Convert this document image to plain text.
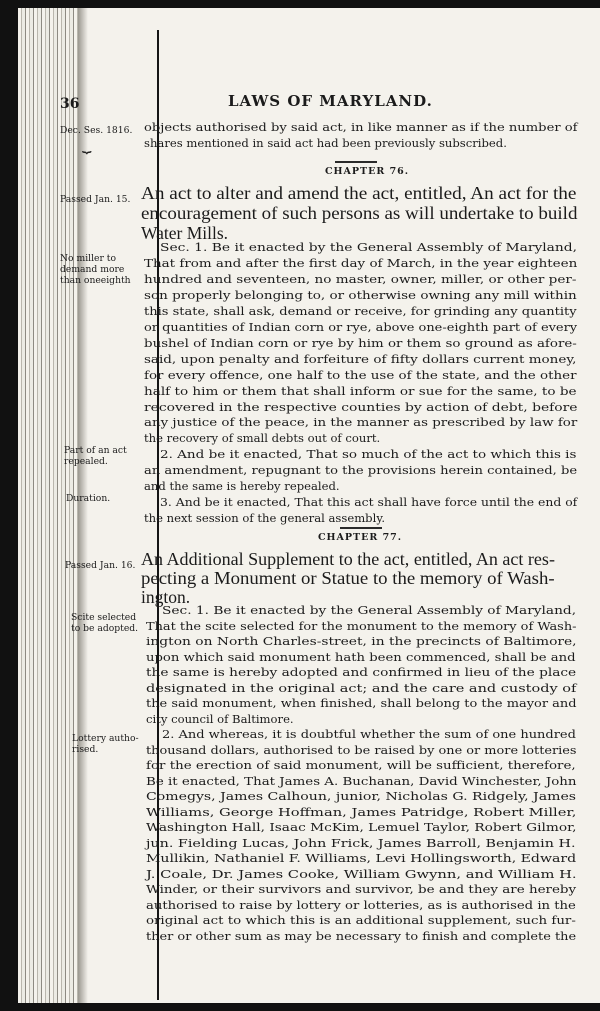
36	LAWS OF MARYLAND.
Dec. Ses. 1816.
Passed Jan. 15.
No miller to
demand more
than oneeighth
Part of an act
repealed.
Duration.
Passed Jan. 16.
Scite selected
to be adopted.
Lottery autho-
rised.
⏟
objects authorised by said act, in like manner as if the number of
shares mentioned in said act had been previously subscribed.
CHAPTER 76.
An act to alter and amend the act, entitled, An act for the
encouragement of such persons as will undertake to build
Water Mills.
Sec. 1. Be it enacted by the General Assembly of Maryland,
That from and after the first day of March, in the year eighteen
hundred and seventeen, no master, owner, miller, or other per-
son properly belonging to, or otherwise owning any mill within
this state, shall ask, demand or receive, for grinding any quantity
or quantities of Indian corn or rye, above one-eighth part of every
bushel of Indian corn or rye by him or them so ground as afore-
said, upon penalty and forfeiture of fifty dollars current money,
for every offence, one half to the use of the state, and the other
half to him or them that shall inform or sue for the same, to be
recovered in the respective counties by action of debt, before
any justice of the peace, in the manner as prescribed by law for
the recovery of small debts out of court.
2. And be it enacted, That so much of the act to which this is
an amendment, repugnant to the provisions herein contained, be
and the same is hereby repealed.
3. And be it enacted, That this act shall have force until the end of
the next session of the general assembly.
CHAPTER 77.
An Additional Supplement to the act, entitled, An act res-
pecting a Monument or Statue to the memory of Wash-
ington.
Sec. 1. Be it enacted by the General Assembly of Maryland,
That the scite selected for the monument to the memory of Wash-
ington on North Charles-street, in the precincts of Baltimore,
upon which said monument hath been commenced, shall be and
the same is hereby adopted and confirmed in lieu of the place
designated in the original act; and the care and custody of
the said monument, when finished, shall belong to the mayor and
city council of Baltimore.
2. And whereas, it is doubtful whether the sum of one hundred
thousand dollars, authorised to be raised by one or more lotteries
for the erection of said monument, will be sufficient, therefore,
Be it enacted, That James A. Buchanan, David Winchester, John
Comegys, James Calhoun, junior, Nicholas G. Ridgely, James
Williams, George Hoffman, James Patridge, Robert Miller,
Washington Hall, Isaac McKim, Lemuel Taylor, Robert Gilmor,
jun. Fielding Lucas, John Frick, James Barroll, Benjamin H.
Mullikin, Nathaniel F. Williams, Levi Hollingsworth, Edward
J. Coale, Dr. James Cooke, William Gwynn, and William H.
Winder, or their survivors and survivor, be and they are hereby
authorised to raise by lottery or lotteries, as is authorised in the
original act to which this is an additional supplement, such fur-
ther or other sum as may be necessary to finish and complete the
